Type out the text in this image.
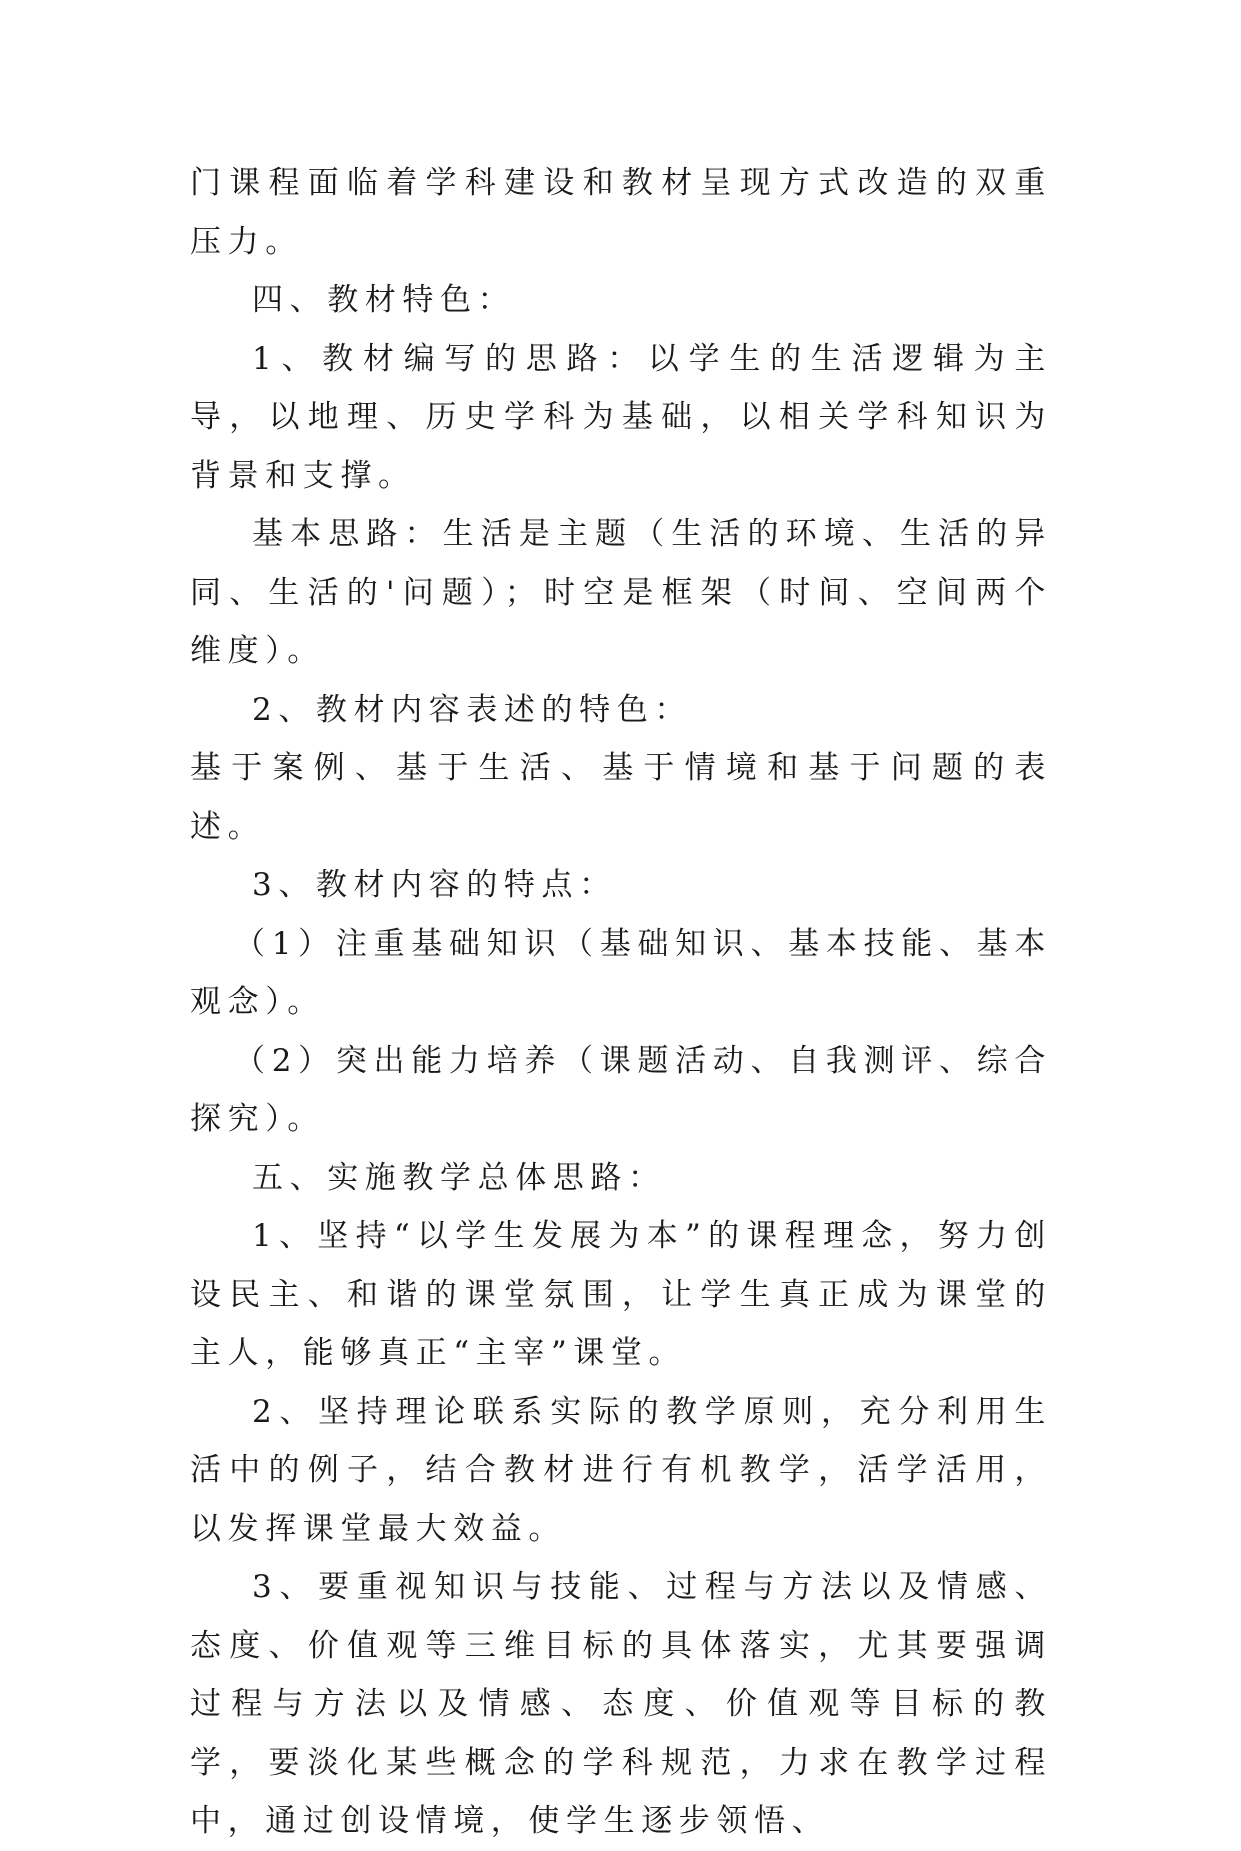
门课程面临着学科建设和教材呈现方式改造的双重压力。

四、教材特色：

1、教材编写的思路：以学生的生活逻辑为主导，以地理、历史学科为基础，以相关学科知识为背景和支撑。

基本思路：生活是主题（生活的环境、生活的异同、生活的'问题）；时空是框架（时间、空间两个维度）。

2、教材内容表述的特色：

基于案例、基于生活、基于情境和基于问题的表述。

3、教材内容的特点：

（1）注重基础知识（基础知识、基本技能、基本观念）。

（2）突出能力培养（课题活动、自我测评、综合探究）。

五、实施教学总体思路：

1、坚持“以学生发展为本”的课程理念，努力创设民主、和谐的课堂氛围，让学生真正成为课堂的主人，能够真正“主宰”课堂。

2、坚持理论联系实际的教学原则，充分利用生活中的例子，结合教材进行有机教学，活学活用，以发挥课堂最大效益。

3、要重视知识与技能、过程与方法以及情感、态度、价值观等三维目标的具体落实，尤其要强调过程与方法以及情感、态度、价值观等目标的教学，要淡化某些概念的学科规范，力求在教学过程中，通过创设情境，使学生逐步领悟、
